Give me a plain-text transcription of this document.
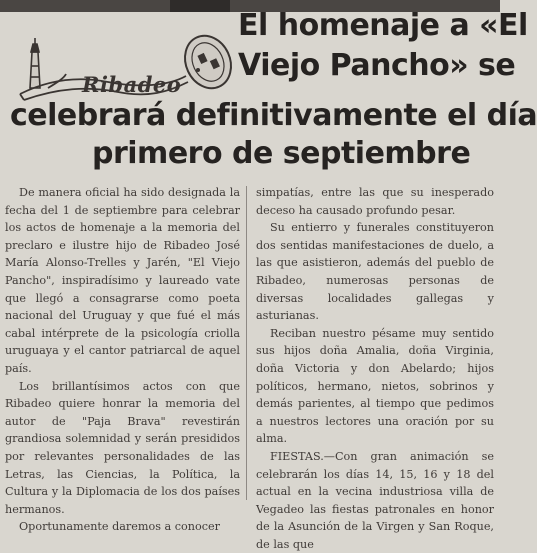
Ribadeo
El homenaje a «El
Viejo Pancho» se
celebrará definitivamente el día
primero de septiembre

De manera oficial ha sido designada la fecha del 1 de septiembre para celebrar los actos de homenaje a la memoria del preclaro e ilustre hijo de Ribadeo José María Alonso-Trelles y Jarén, "El Viejo Pancho", inspiradísimo y laureado vate que llegó a consagrarse como poeta nacional del Uruguay y que fué el más cabal intérprete de la psicología criolla uruguaya y el cantor patriarcal de aquel país.

Los brillantísimos actos con que Ribadeo quiere honrar la memoria del autor de "Paja Brava" revestirán grandiosa solemnidad y serán presididos por relevantes personalidades de las Letras, las Ciencias, la Política, la Cultura y la Diplomacia de los dos países hermanos.

Oportunamente daremos a conocer

simpatías, entre las que su inesperado deceso ha causado profundo pesar.

Su entierro y funerales constituyeron dos sentidas manifestaciones de duelo, a las que asistieron, además del pueblo de Ribadeo, numerosas personas de diversas localidades gallegas y asturianas.

Reciban nuestro pésame muy sentido sus hijos doña Amalia, doña Virginia, doña Victoria y don Abelardo; hijos políticos, hermano, nietos, sobrinos y demás parientes, al tiempo que pedimos a nuestros lectores una oración por su alma.

FIESTAS.—Con gran animación se celebrarán los días 14, 15, 16 y 18 del actual en la vecina industriosa villa de Vegadeo las fiestas patronales en honor de la Asunción de la Virgen y San Roque, de las que
